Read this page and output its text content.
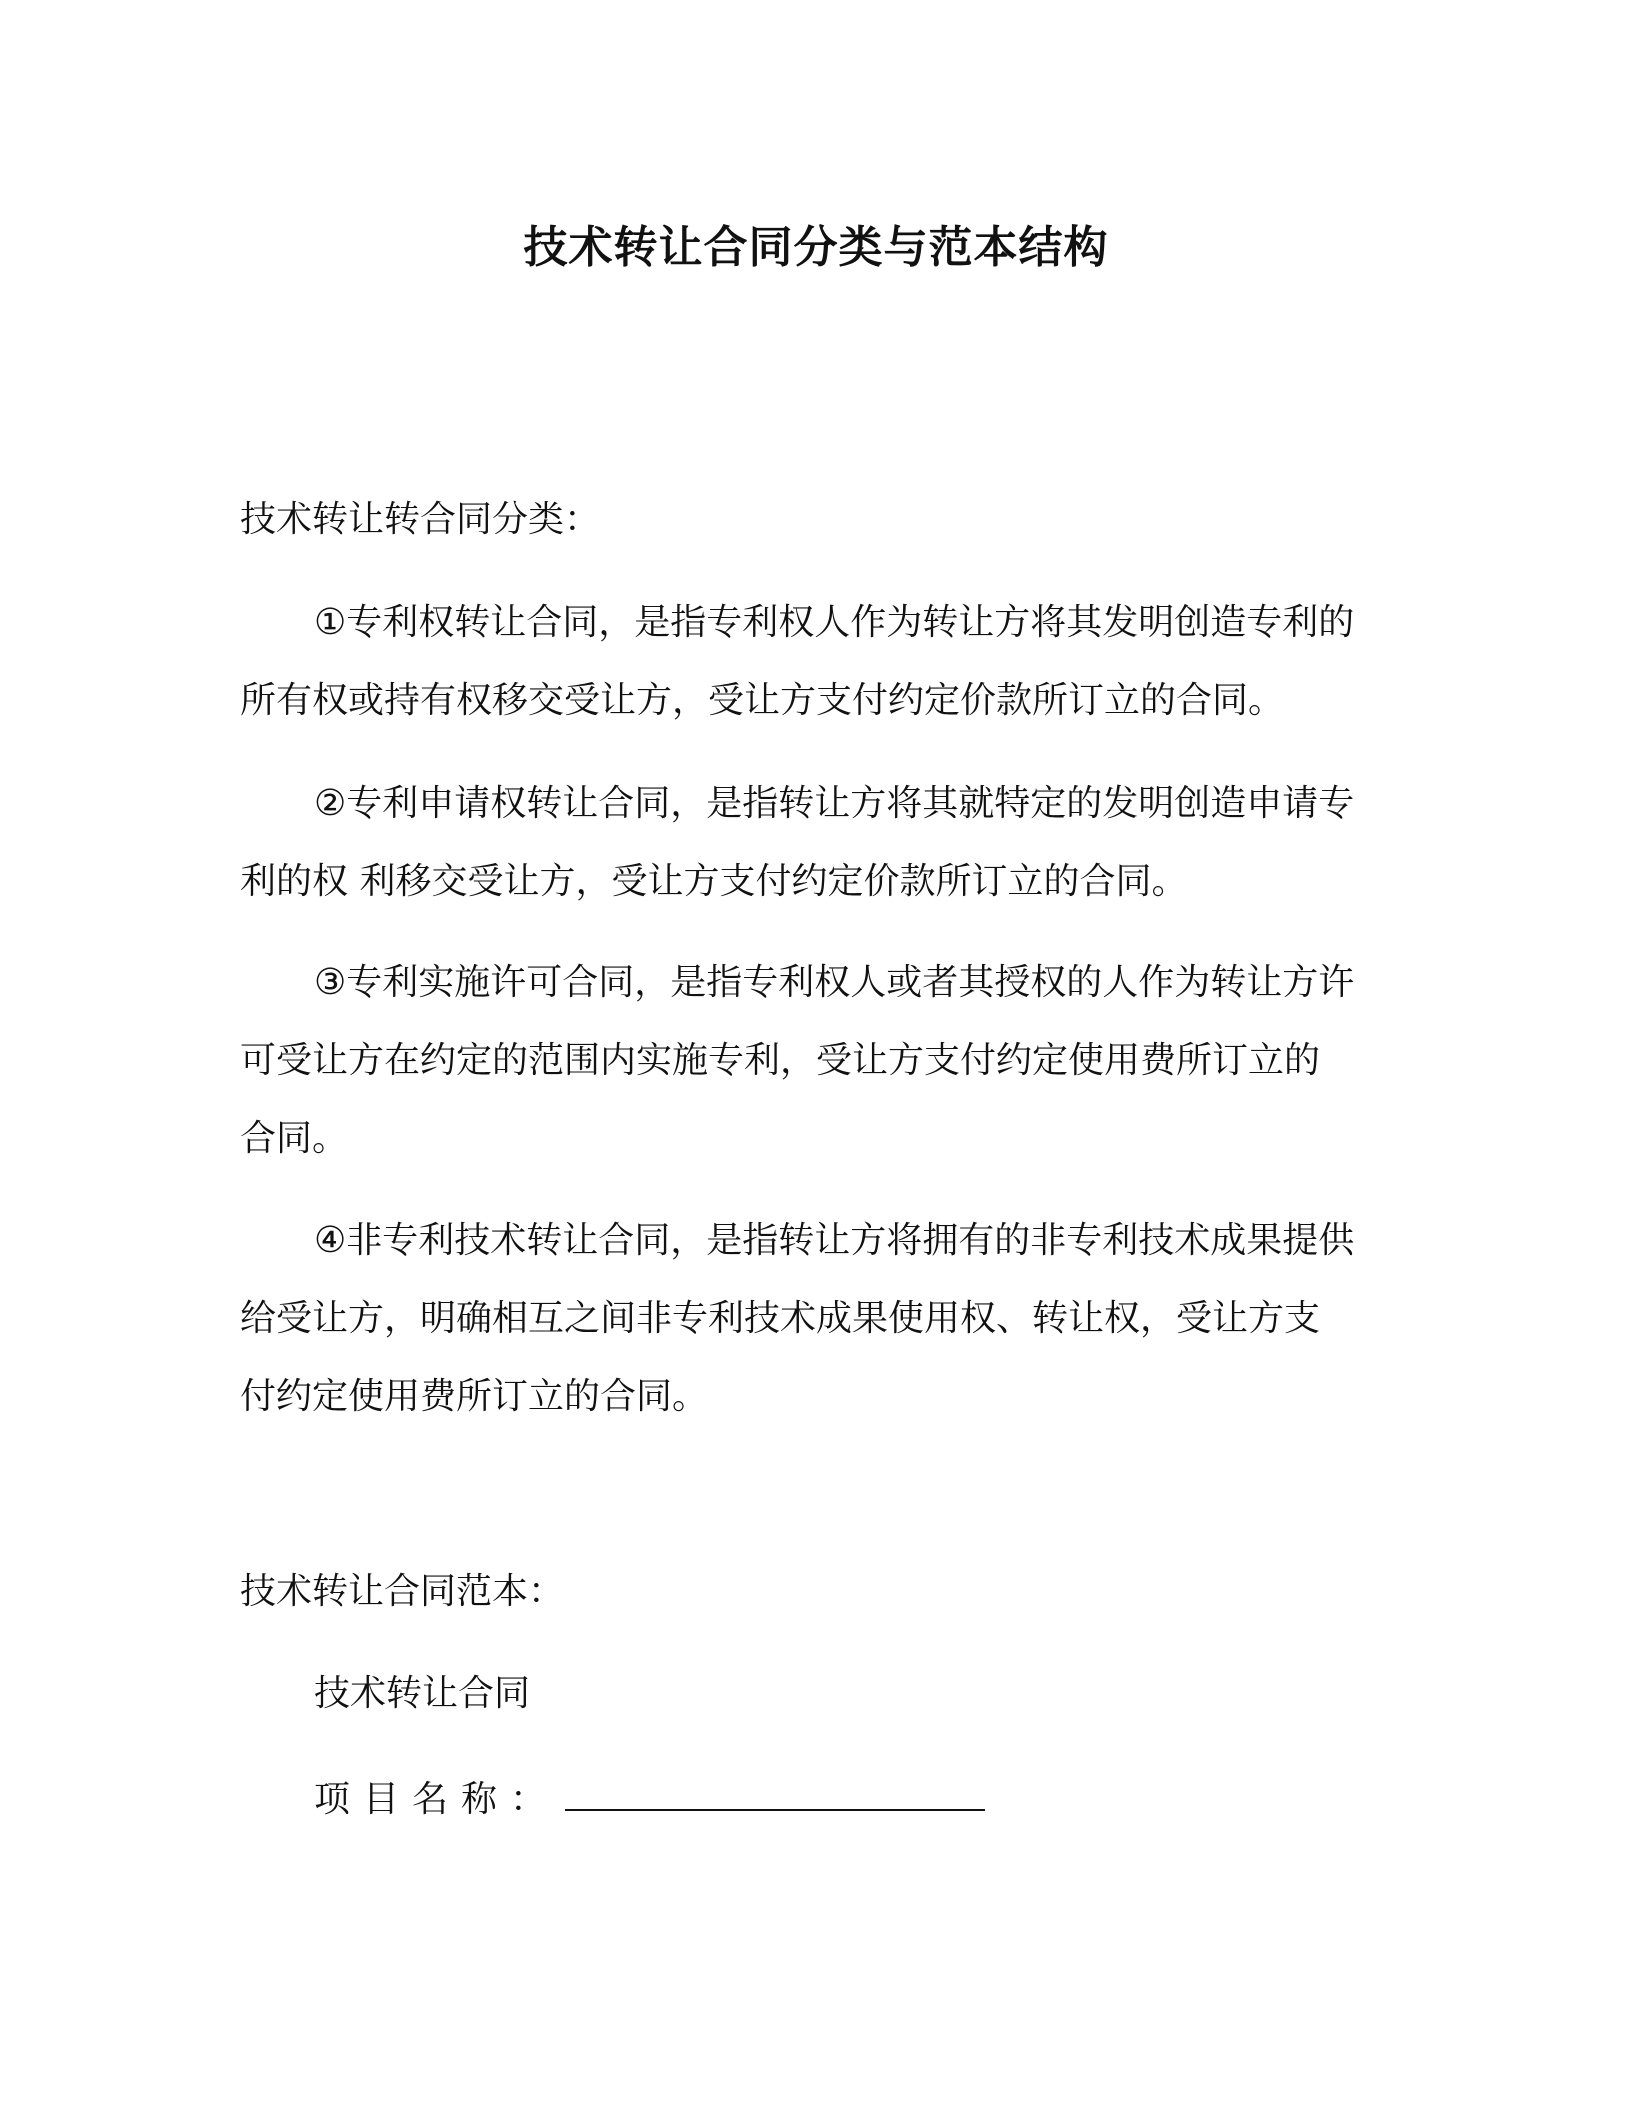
技术转让合同分类与范本结构
技术转让转合同分类：
①专利权转让合同，是指专利权人作为转让方将其发明创造专利的所有权或持有权移交受让方，受让方支付约定价款所订立的合同。
②专利申请权转让合同，是指转让方将其就特定的发明创造申请专利的权 利移交受让方，受让方支付约定价款所订立的合同。
③专利实施许可合同，是指专利权人或者其授权的人作为转让方许可受让方在约定的范围内实施专利，受让方支付约定使用费所订立的合同。
④非专利技术转让合同，是指转让方将拥有的非专利技术成果提供给受让方，明确相互之间非专利技术成果使用权、转让权，受让方支付约定使用费所订立的合同。
技术转让合同范本：
技术转让合同
项目名称：
